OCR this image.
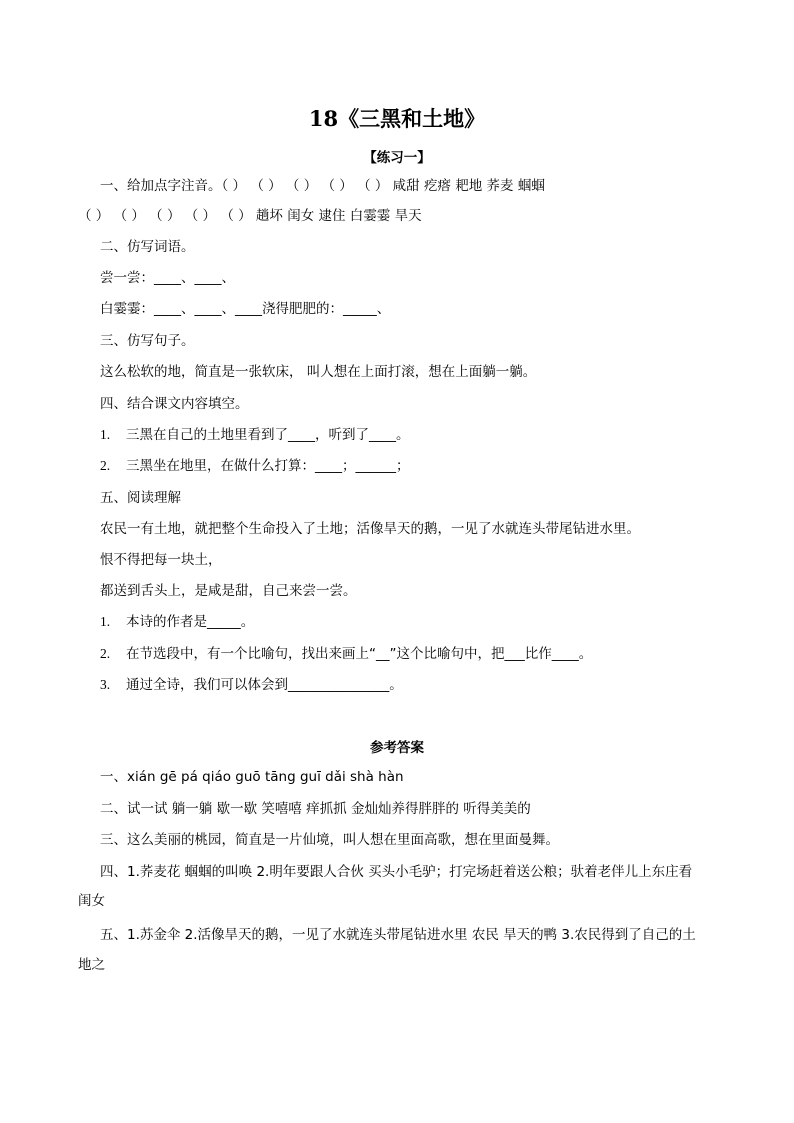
18《三黑和土地》
【练习一】
一、给加点字注音。（ ） （ ） （ ） （ ） （ ） 咸甜 疙瘩 耙地 荞麦 蝈蝈
（ ） （ ） （ ） （ ） （ ） 趟坏 闺女 逮住 白霎霎 旱天
二、仿写词语。
尝一尝：____、____、
白霎霎：____、____、____浇得肥肥的：_____、
三、仿写句子。
这么松软的地，简直是一张软床， 叫人想在上面打滚，想在上面躺一躺。
四、结合课文内容填空。
1. 三黑在自己的土地里看到了____，听到了____。
2. 三黑坐在地里，在做什么打算：____；______；
五、阅读理解
农民一有土地，就把整个生命投入了土地；活像旱天的鹅，一见了水就连头带尾钻进水里。
恨不得把每一块土，
都送到舌头上，是咸是甜，自己来尝一尝。
1. 本诗的作者是_____。
2. 在节选段中，有一个比喻句，找出来画上“__”这个比喻句中，把___比作____。
3. 通过全诗，我们可以体会到_______________。
参考答案
一、xián gē pá qiáo guō tāng guī dǎi shà hàn
二、试一试 躺一躺 歇一歇 笑嘻嘻 痒抓抓 金灿灿养得胖胖的 听得美美的
三、这么美丽的桃园，简直是一片仙境，叫人想在里面高歌，想在里面曼舞。
四、1.荞麦花 蝈蝈的叫唤 2.明年要跟人合伙 买头小毛驴；打完场赶着送公粮；驮着老伴儿上东庄看
闺女
五、1.苏金伞 2.活像旱天的鹅，一见了水就连头带尾钻进水里 农民 旱天的鸭 3.农民得到了自己的土
地之
